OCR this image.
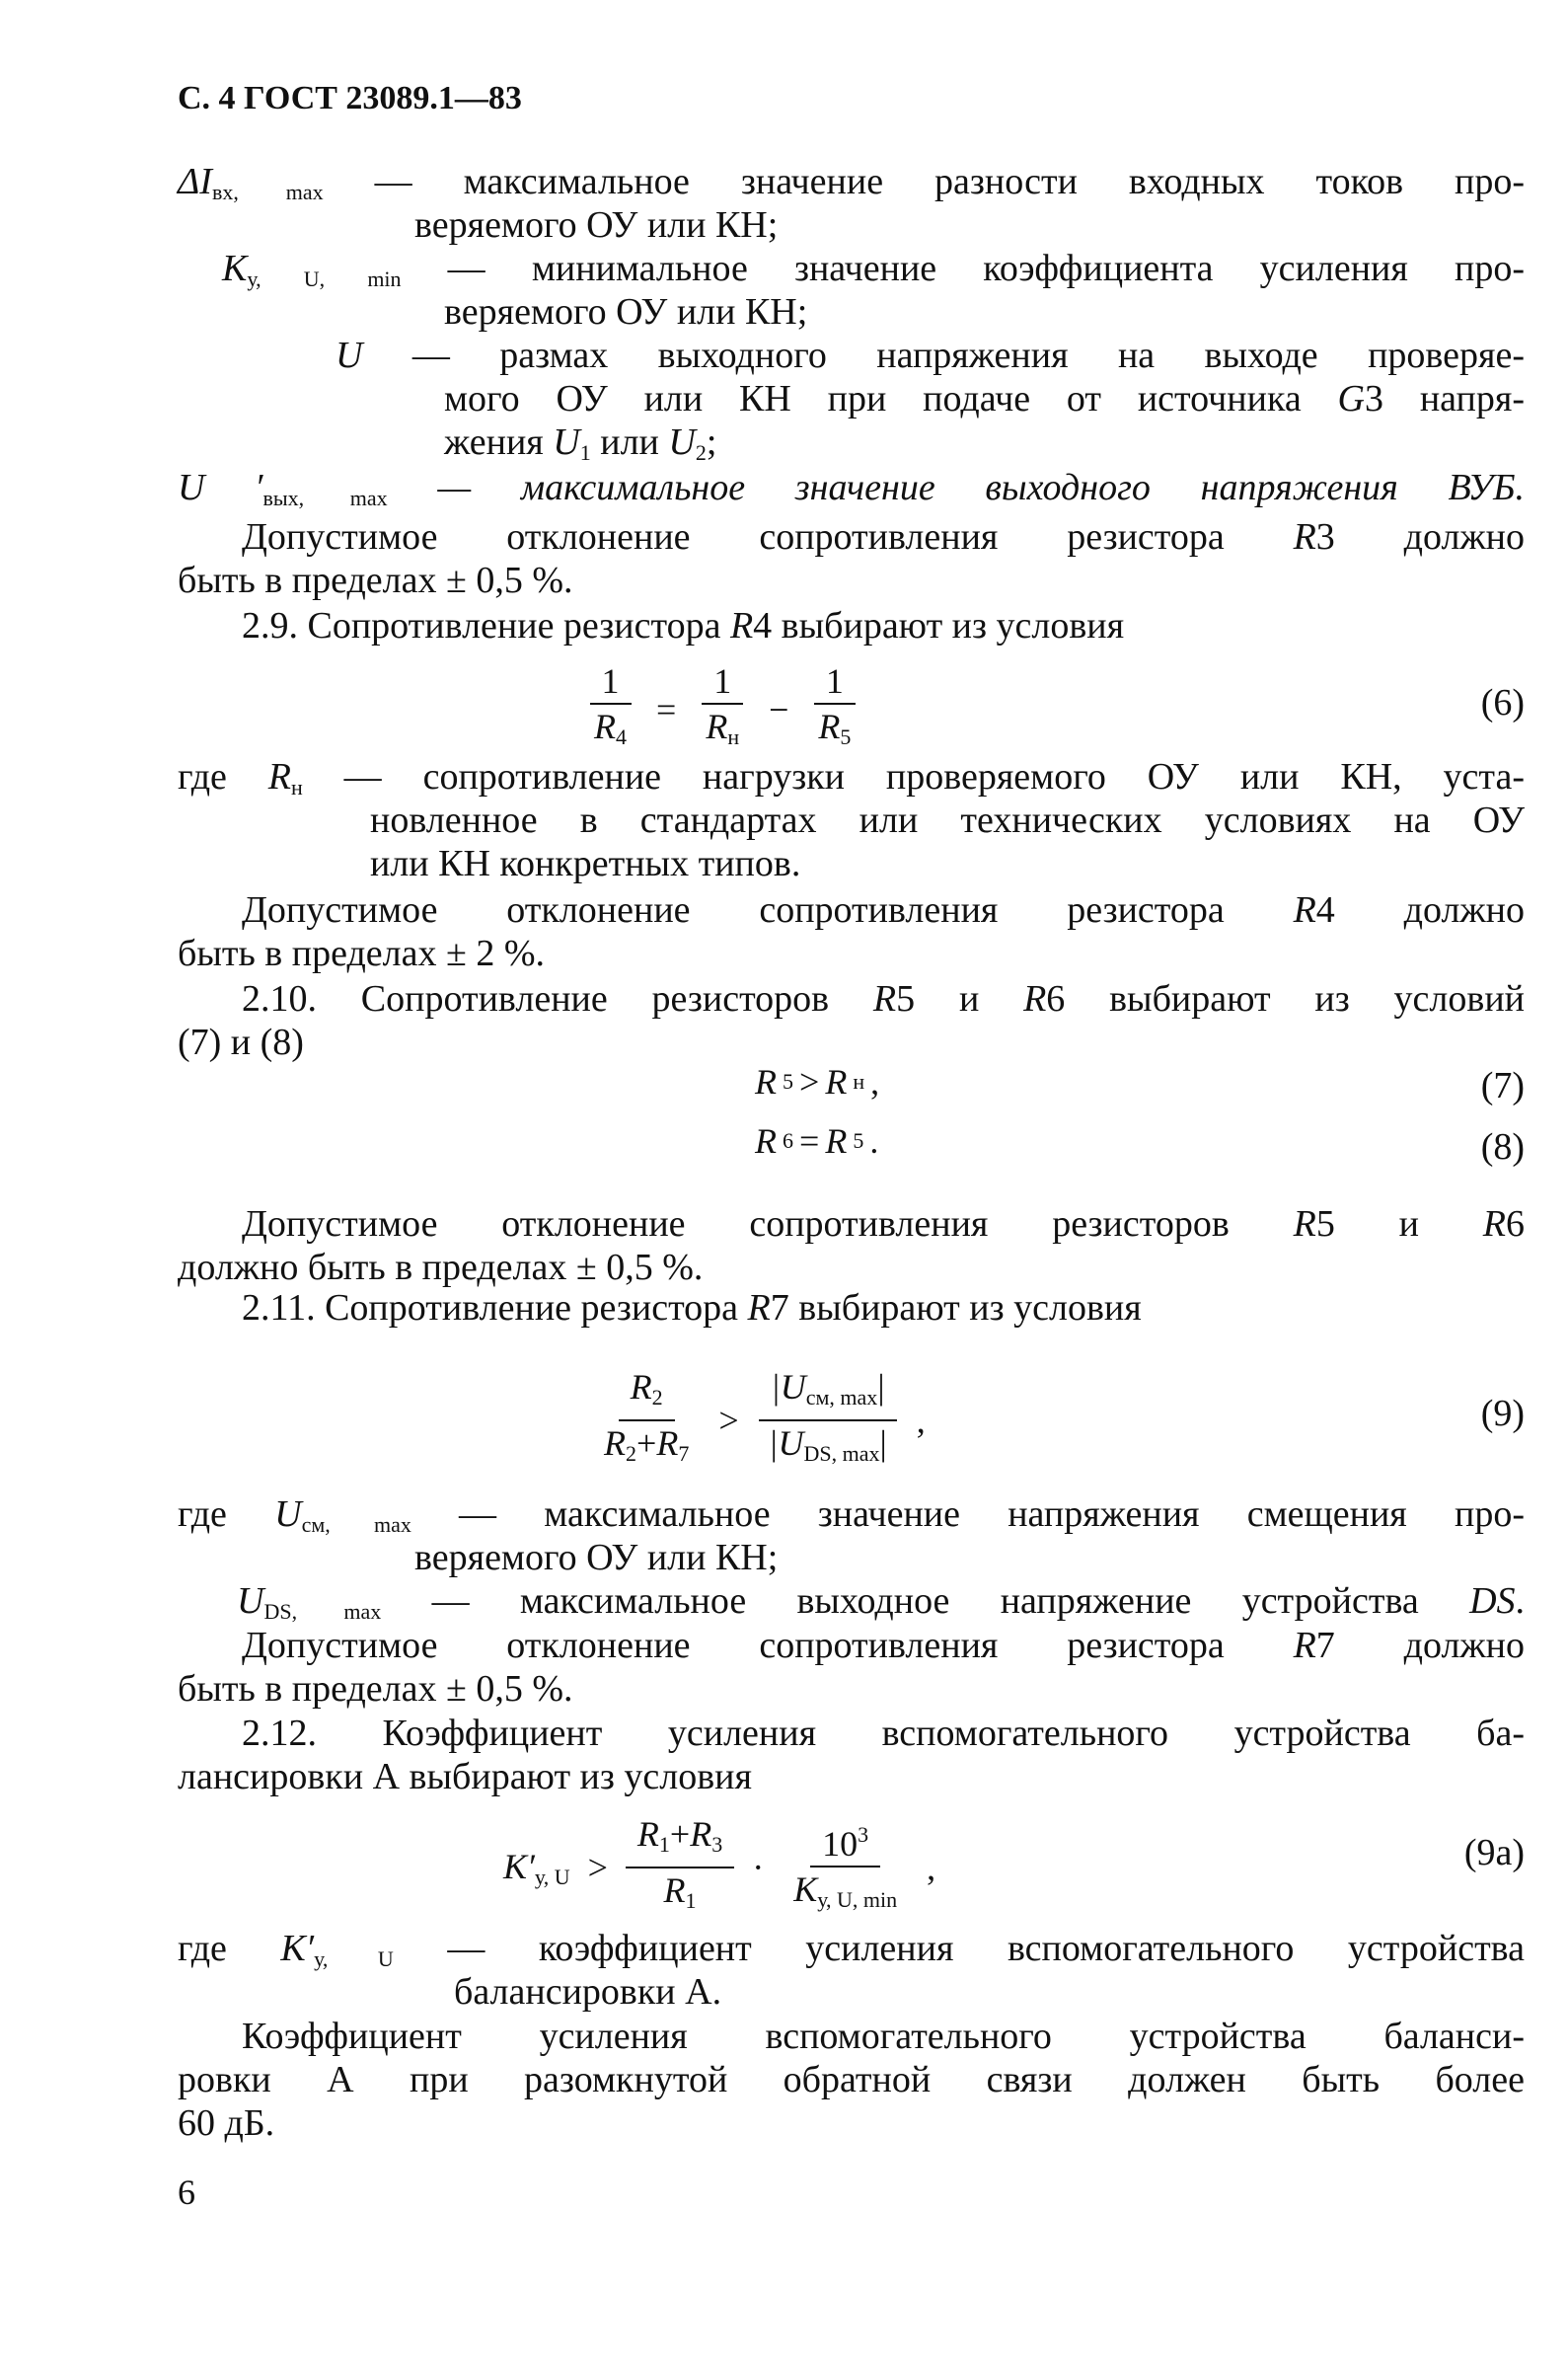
С. 4 ГОСТ 23089.1—83
$\Delta I_{вх, max}$ — максимальное значение разности входных токов про-
веряемого ОУ или КН;
$K_{у, U, min}$ — минимальное значение коэффициента усиления про-
веряемого ОУ или КН;
U — размах выходного напряжения на выходе проверяе-
мого ОУ или КН при подаче от источника G3 напря-
жения $U_1$ или $U_2$;
U $'_{вых, max}$ — максимальное значение выходного напряжения ВУБ.
Допустимое отклонение сопротивления резистора R3 должно
быть в пределах ± 0,5 %.
2.9. Сопротивление резистора R4 выбирают из условия
где $R_н$ — сопротивление нагрузки проверяемого ОУ или КН, уста-
новленное в стандартах или технических условиях на ОУ
или КН конкретных типов.
Допустимое отклонение сопротивления резистора R4 должно
быть в пределах ± 2 %.
2.10. Сопротивление резисторов R5 и R6 выбирают из условий
(7) и (8)
Допустимое отклонение сопротивления резисторов R5 и R6
должно быть в пределах ± 0,5 %.
2.11. Сопротивление резистора R7 выбирают из условия
где $U_{см, max}$ — максимальное значение напряжения смещения про-
веряемого ОУ или КН;
$U_{DS, max}$ — максимальное выходное напряжение устройства DS.
Допустимое отклонение сопротивления резистора R7 должно
быть в пределах ± 0,5 %.
2.12. Коэффициент усиления вспомогательного устройства ба-
лансировки А выбирают из условия
где $K'_{у, U}$ — коэффициент усиления вспомогательного устройства
балансировки А.
Коэффициент усиления вспомогательного устройства баланси-
ровки А при разомкнутой обратной связи должен быть более
60 дБ.
$\frac{1}{R_4} = \frac{1}{R_н} - \frac{1}{R_5}$	(6)
R 5 > R н ,	(7)
R 6 = R 5 .	(8)
$\frac{R_2}{R_2+R_7} > \frac{|U_{см, max}|}{|U_{DS, max}|}$ ,	(9)
$K'_{у, U} > \frac{R_1+R_3}{R_1} \cdot \frac{10^3}{K_{у, U, min}}$ ,	(9a)
6
